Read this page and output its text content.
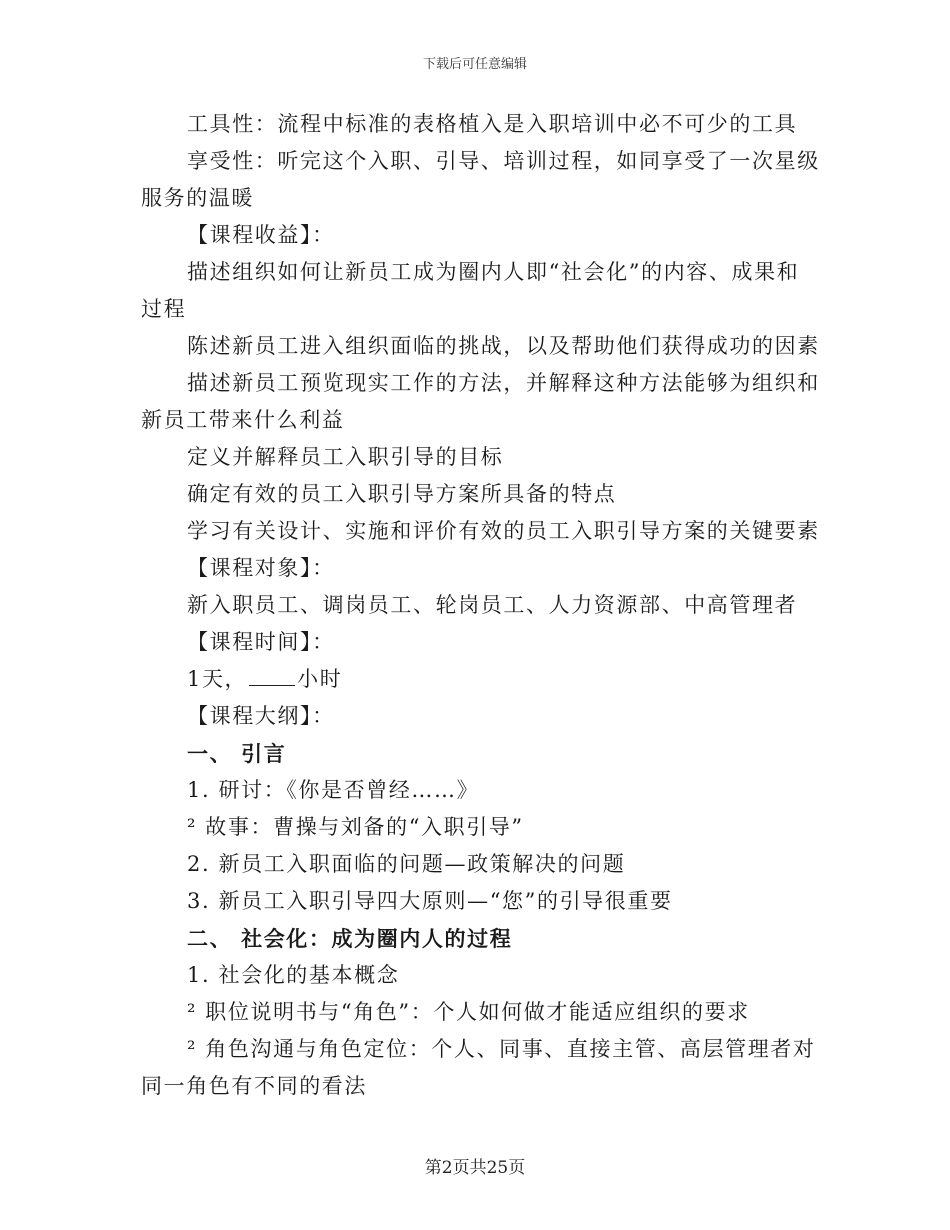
下载后可任意编辑
工具性：流程中标准的表格植入是入职培训中必不可少的工具
享受性：听完这个入职、引导、培训过程，如同享受了一次星级
服务的温暖
【课程收益】：
描述组织如何让新员工成为圈内人即“社会化”的内容、成果和
过程
陈述新员工进入组织面临的挑战，以及帮助他们获得成功的因素
描述新员工预览现实工作的方法，并解释这种方法能够为组织和
新员工带来什么利益
定义并解释员工入职引导的目标
确定有效的员工入职引导方案所具备的特点
学习有关设计、实施和评价有效的员工入职引导方案的关键要素
【课程对象】：
新入职员工、调岗员工、轮岗员工、人力资源部、中高管理者
【课程时间】：
1天， 小时
【课程大纲】：
一、 引言
1. 研讨：《你是否曾经……》
² 故事：曹操与刘备的“入职引导”
2. 新员工入职面临的问题—政策解决的问题
3. 新员工入职引导四大原则—“您”的引导很重要
二、 社会化：成为圈内人的过程
1. 社会化的基本概念
² 职位说明书与“角色”：个人如何做才能适应组织的要求
² 角色沟通与角色定位：个人、同事、直接主管、高层管理者对
同一角色有不同的看法
第2页共25页
